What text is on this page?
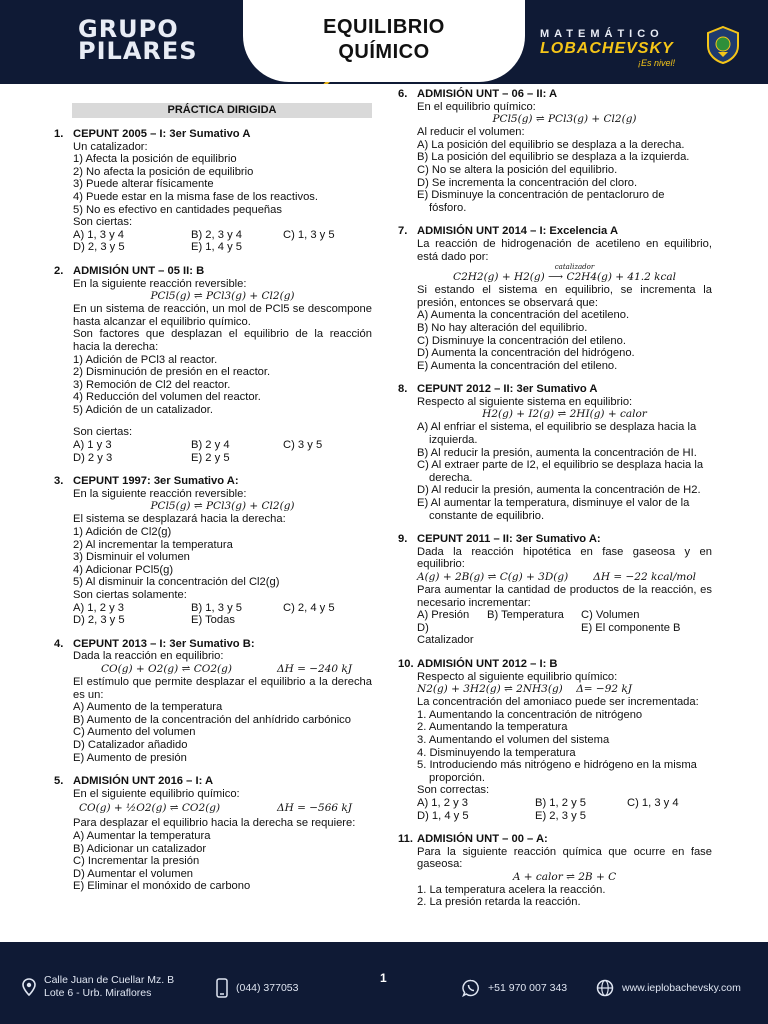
GRUPO
PILARES
EQUILIBRIO
QUÍMICO
MATEMÁTICO
LOBACHEVSKY
¡Es nivel!
PRÁCTICA DIRIGIDA
1. CEPUNT 2005 – I: 3er Sumativo A
Un catalizador:
1) Afecta la posición de equilibrio
2) No afecta la posición de equilibrio
3) Puede alterar físicamente
4) Puede estar en la misma fase de los reactivos.
5) No es efectivo en cantidades pequeñas
Son ciertas:
A) 1, 3 y 4	B) 2, 3 y 4	C) 1, 3 y 5
D) 2, 3 y 5	E) 1, 4 y 5
2. ADMISIÓN UNT – 05 II: B
En la siguiente reacción reversible:
PCl5(g) ⇌ PCl3(g) + Cl2(g)
En un sistema de reacción, un mol de PCl5 se descompone hasta alcanzar el equilibrio químico.
Son factores que desplazan el equilibrio de la reacción hacia la derecha:
1) Adición de PCl3 al reactor.
2) Disminución de presión en el reactor.
3) Remoción de Cl2 del reactor.
4) Reducción del volumen del reactor.
5) Adición de un catalizador.
Son ciertas:
A) 1 y 3	B) 2 y 4	C) 3 y 5
D) 2 y 3	E) 2 y 5
3. CEPUNT 1997: 3er Sumativo A:
En la siguiente reacción reversible:
PCl5(g) ⇌ PCl3(g) + Cl2(g)
El sistema se desplazará hacia la derecha:
1) Adición de Cl2(g)
2) Al incrementar la temperatura
3) Disminuir el volumen
4) Adicionar PCl5(g)
5) Al disminuir la concentración del Cl2(g)
Son ciertas solamente:
A) 1, 2 y 3	B) 1, 3 y 5	C) 2, 4 y 5
D) 2, 3 y 5	E) Todas
4. CEPUNT 2013 – I: 3er Sumativo B:
Dada la reacción en equilibrio:
CO(g) + O2(g) ⇌ CO2(g)	ΔH = −240 kJ
El estímulo que permite desplazar el equilibrio a la derecha es un:
A) Aumento de la temperatura
B) Aumento de la concentración del anhídrido carbónico
C) Aumento del volumen
D) Catalizador añadido
E) Aumento de presión
5. ADMISIÓN UNT 2016 – I: A
En el siguiente equilibrio químico:
CO(g) + ½O2(g) ⇌ CO2(g)	ΔH = −566 kJ
Para desplazar el equilibrio hacia la derecha se requiere:
A) Aumentar la temperatura
B) Adicionar un catalizador
C) Incrementar la presión
D) Aumentar el volumen
E) Eliminar el monóxido de carbono
6. ADMISIÓN UNT – 06 – II: A
En el equilibrio químico:
PCl5(g) ⇌ PCl3(g) + Cl2(g)
Al reducir el volumen:
A) La posición del equilibrio se desplaza a la derecha.
B) La posición del equilibrio se desplaza a la izquierda.
C) No se altera la posición del equilibrio.
D) Se incrementa la concentración del cloro.
E) Disminuye la concentración de pentacloruro de
fósforo.
7. ADMISIÓN UNT 2014 – I: Excelencia A
La reacción de hidrogenación de acetileno en equilibrio, está dado por:
catalizador
C2H2(g) + H2(g) ⟶ C2H4(g) + 41.2 kcal
Si estando el sistema en equilibrio, se incrementa la presión, entonces se observará que:
A) Aumenta la concentración del acetileno.
B) No hay alteración del equilibrio.
C) Disminuye la concentración del etileno.
D) Aumenta la concentración del hidrógeno.
E) Aumenta la concentración del etileno.
8. CEPUNT 2012 – II: 3er Sumativo A
Respecto al siguiente sistema en equilibrio:
H2(g) + I2(g) ⇌ 2HI(g) + calor
A) Al enfriar el sistema, el equilibrio se desplaza hacia la
izquierda.
B) Al reducir la presión, aumenta la concentración de HI.
C) Al extraer parte de I2, el equilibrio se desplaza hacia la
derecha.
D) Al reducir la presión, aumenta la concentración de H2.
E) Al aumentar la temperatura, disminuye el valor de la
constante de equilibrio.
9. CEPUNT 2011 – II: 3er Sumativo A:
Dada la reacción hipotética en fase gaseosa y en equilibrio:
A(g) + 2B(g) ⇌ C(g) + 3D(g) ΔH = −22 kcal/mol
Para aumentar la cantidad de productos de la reacción, es necesario incrementar:
A) Presión	B) Temperatura	C) Volumen
D) Catalizador
E) El componente B
10. ADMISIÓN UNT 2012 – I: B
Respecto al siguiente equilibrio químico:
N2(g) + 3H2(g) ⇌ 2NH3(g) Δ= −92 kJ
La concentración del amoniaco puede ser incrementada:
1. Aumentando la concentración de nitrógeno
2. Aumentando la temperatura
3. Aumentando el volumen del sistema
4. Disminuyendo la temperatura
5. Introduciendo más nitrógeno e hidrógeno en la misma
proporción.
Son correctas:
A) 1, 2 y 3	B) 1, 2 y 5	C) 1, 3 y 4
D) 1, 4 y 5	E) 2, 3 y 5
11. ADMISIÓN UNT – 00 – A:
Para la siguiente reacción química que ocurre en fase gaseosa:
A + calor ⇌ 2B + C
1. La temperatura acelera la reacción.
2. La presión retarda la reacción.
Calle Juan de Cuellar Mz. B
Lote 6 - Urb. Miraflores	(044) 377053
1
+51 970 007 343	www.ieplobachevsky.com
